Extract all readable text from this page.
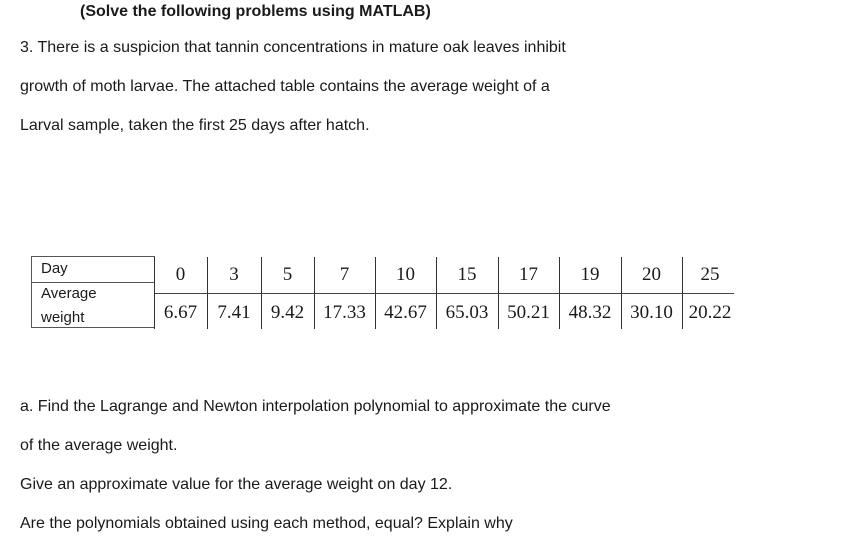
(Solve the following problems using MATLAB)
3. There is a suspicion that tannin concentrations in mature oak leaves inhibit
growth of moth larvae. The attached table contains the average weight of a
Larval sample, taken the first 25 days after hatch.
Day
Average
weight
0	3	5	7	10	15	17	19	20	25
6.67	7.41	9.42	17.33 42.67 65.03 50.21 48.32 30.10 20.22
a. Find the Lagrange and Newton interpolation polynomial to approximate the curve
of the average weight.
Give an approximate value for the average weight on day 12.
Are the polynomials obtained using each method, equal? Explain why
